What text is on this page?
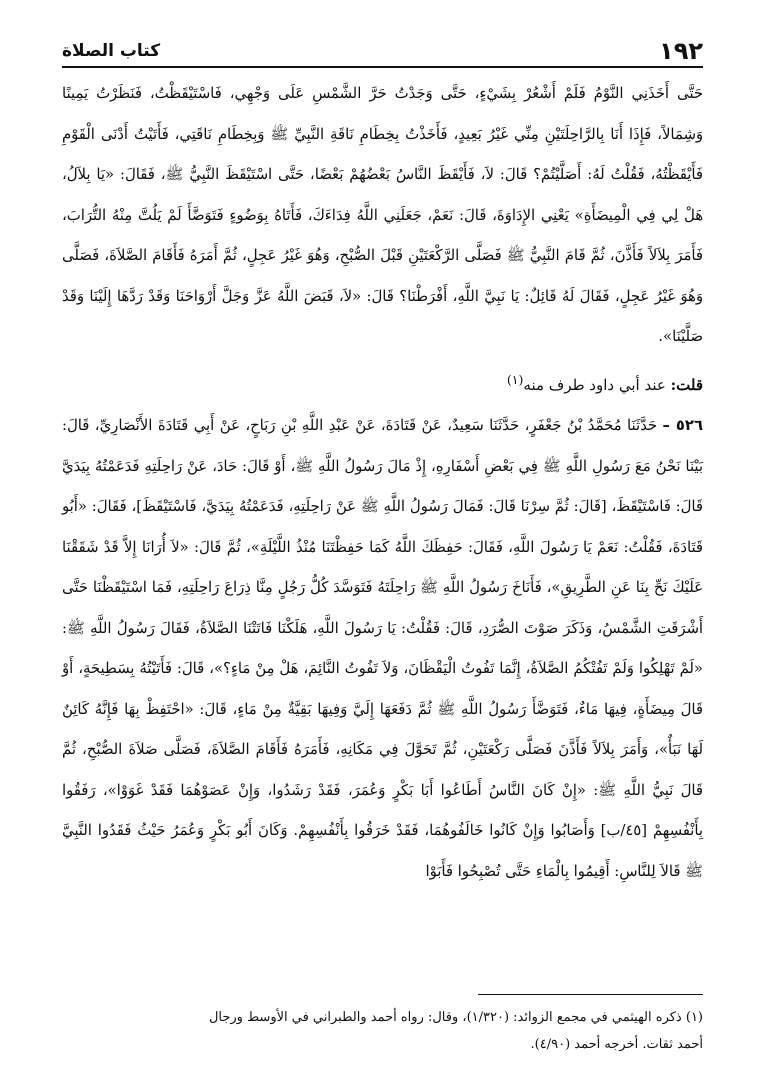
١٩٢
كتاب الصلاة

حَتَّى أَخَذَنِي النَّوْمُ فَلَمْ أَشْعُرْ بِشَيْءٍ، حَتَّى وَجَدْتُ حَرَّ الشَّمْسِ عَلَى وَجْهِي، فَاسْتَيْقَظْتُ، فَنَظَرْتُ يَمِينًا وَشِمَالاً، فَإِذَا أَنَا بِالرَّاحِلَتَيْنِ مِنِّي غَيْرُ بَعِيدٍ، فَأَخَذْتُ بِخِطَامِ نَاقَةِ النَّبِيِّ ﷺ وَبِخِطَامِ نَاقَتِي، فَأَتَيْتُ أَدْنَى الْقَوْمِ فَأَيْقَظْتُهُ، فَقُلْتُ لَهُ: أَصَلَّيْتُمْ؟ قَالَ: لاَ، فَأَيْقَظَ النَّاسُ بَعْضُهُمْ بَعْضًا، حَتَّى اسْتَيْقَظَ النَّبِيُّ ﷺ، فَقَالَ: «يَا بِلاَلُ، هَلْ لِي فِي الْمِيضَأَةِ» يَعْنِي الإِدَاوَةَ، قَالَ: نَعَمْ، جَعَلَنِي اللَّهُ فِدَاءَكَ، فَأَتَاهُ بِوَضُوءٍ فَتَوَضَّأَ لَمْ يَلُتَّ مِنْهُ التُّرَابَ، فَأَمَرَ بِلاَلاً فَأَذَّنَ، ثُمَّ قَامَ النَّبِيُّ ﷺ فَصَلَّى الرَّكْعَتَيْنِ قَبْلَ الصُّبْحِ، وَهُوَ غَيْرُ عَجِلٍ، ثُمَّ أَمَرَهُ فَأَقَامَ الصَّلاَةَ، فَصَلَّى وَهُوَ غَيْرُ عَجِلٍ، فَقَالَ لَهُ قَائِلٌ: يَا نَبِيَّ اللَّهِ، أَفْرَطْنَا؟ قَالَ: «لاَ، قَبَضَ اللَّهُ عَزَّ وَجَلَّ أَرْوَاحَنَا وَقَدْ رَدَّهَا إِلَيْنَا وَقَدْ صَلَّيْنَا».

قلت: عند أبي داود طرف منه$^{(١)}$

٥٢٦ – حَدَّثَنَا مُحَمَّدُ بْنُ جَعْفَرٍ، حَدَّثَنَا سَعِيدٌ، عَنْ قَتَادَةَ، عَنْ عَبْدِ اللَّهِ بْنِ رَبَاحٍ، عَنْ أَبِي قَتَادَةَ الأَنْصَارِيِّ، قَالَ: بَيْنَا نَحْنُ مَعَ رَسُولِ اللَّهِ ﷺ فِي بَعْضِ أَسْفَارِهِ، إِذْ مَالَ رَسُولُ اللَّهِ ﷺ، أَوْ قَالَ: حَادَ، عَنْ رَاحِلَتِهِ فَدَعَمْتُهُ بِيَدَيَّ قَالَ: فَاسْتَيْقَظَ، [قَالَ: ثُمَّ سِرْنَا قَالَ: فَمَالَ رَسُولُ اللَّهِ ﷺ عَنْ رَاحِلَتِهِ، فَدَعَمْتُهُ بِيَدَيَّ، فَاسْتَيْقَظَ]، فَقَالَ: «أَبُو قَتَادَةَ، فَقُلْتُ: نَعَمْ يَا رَسُولَ اللَّهِ، فَقَالَ: حَفِظَكَ اللَّهُ كَمَا حَفِظْتَنَا مُنْذُ اللَّيْلَةِ»، ثُمَّ قَالَ: «لاَ أُرَانَا إِلاَّ قَدْ شَقَقْنَا عَلَيْكَ نَحِّ بِنَا عَنِ الطَّرِيقِ»، فَأَنَاخَ رَسُولُ اللَّهِ ﷺ رَاحِلَتَهُ فَتَوَسَّدَ كُلُّ رَجُلٍ مِنَّا ذِرَاعَ رَاحِلَتِهِ، فَمَا اسْتَيْقَظْنَا حَتَّى أَشْرَقَتِ الشَّمْسُ، وَذَكَرَ صَوْتَ الصُّرَدِ، قَالَ: فَقُلْتُ: يَا رَسُولَ اللَّهِ، هَلَكْنَا فَاتَتْنَا الصَّلاَةُ، فَقَالَ رَسُولُ اللَّهِ ﷺ: «لَمْ تَهْلِكُوا وَلَمْ تَفُتْكُمُ الصَّلاَةُ، إِنَّمَا تَفُوتُ الْيَقْظَانَ، وَلاَ تَفُوتُ النَّائِمَ، هَلْ مِنْ مَاءٍ؟»، قَالَ: فَأَتَيْتُهُ بِسَطِيحَةٍ، أَوْ قَالَ مِيضَأَةٍ، فِيهَا مَاءٌ، فَتَوَضَّأَ رَسُولُ اللَّهِ ﷺ ثُمَّ دَفَعَهَا إِلَيَّ وَفِيهَا بَقِيَّةٌ مِنْ مَاءٍ، قَالَ: «احْتَفِظْ بِهَا فَإِنَّهُ كَائِنٌ لَهَا نَبَأٌ»، وَأَمَرَ بِلاَلاً فَأَذَّنَ فَصَلَّى رَكْعَتَيْنِ، ثُمَّ تَحَوَّلَ فِي مَكَانِهِ، فَأَمَرَهُ فَأَقَامَ الصَّلاَةَ، فَصَلَّى صَلاَةَ الصُّبْحِ، ثُمَّ قَالَ نَبِيُّ اللَّهِ ﷺ: «إِنْ كَانَ النَّاسُ أَطَاعُوا أَبَا بَكْرٍ وَعُمَرَ، فَقَدْ رَشَدُوا، وَإِنْ عَصَوْهُمَا فَقَدْ غَوَوْا»، رَفَقُوا بِأَنْفُسِهِمْ [٤٥/ب] وَأَصَابُوا وَإِنْ كَانُوا خَالَفُوهُمَا، فَقَدْ خَرَقُوا بِأَنْفُسِهِمْ. وَكَانَ أَبُو بَكْرٍ وَعُمَرُ حَيْثُ فَقَدُوا النَّبِيَّ ﷺ قَالاَ لِلنَّاسِ: أَقِيمُوا بِالْمَاءِ حَتَّى تُصْبِحُوا فَأَبَوْا

(١) ذكره الهيثمي في مجمع الزوائد: (١/٣٢٠)، وقال: رواه أحمد والطبراني في الأوسط ورجال

أحمد ثقات. أخرجه أحمد (٤/٩٠).
